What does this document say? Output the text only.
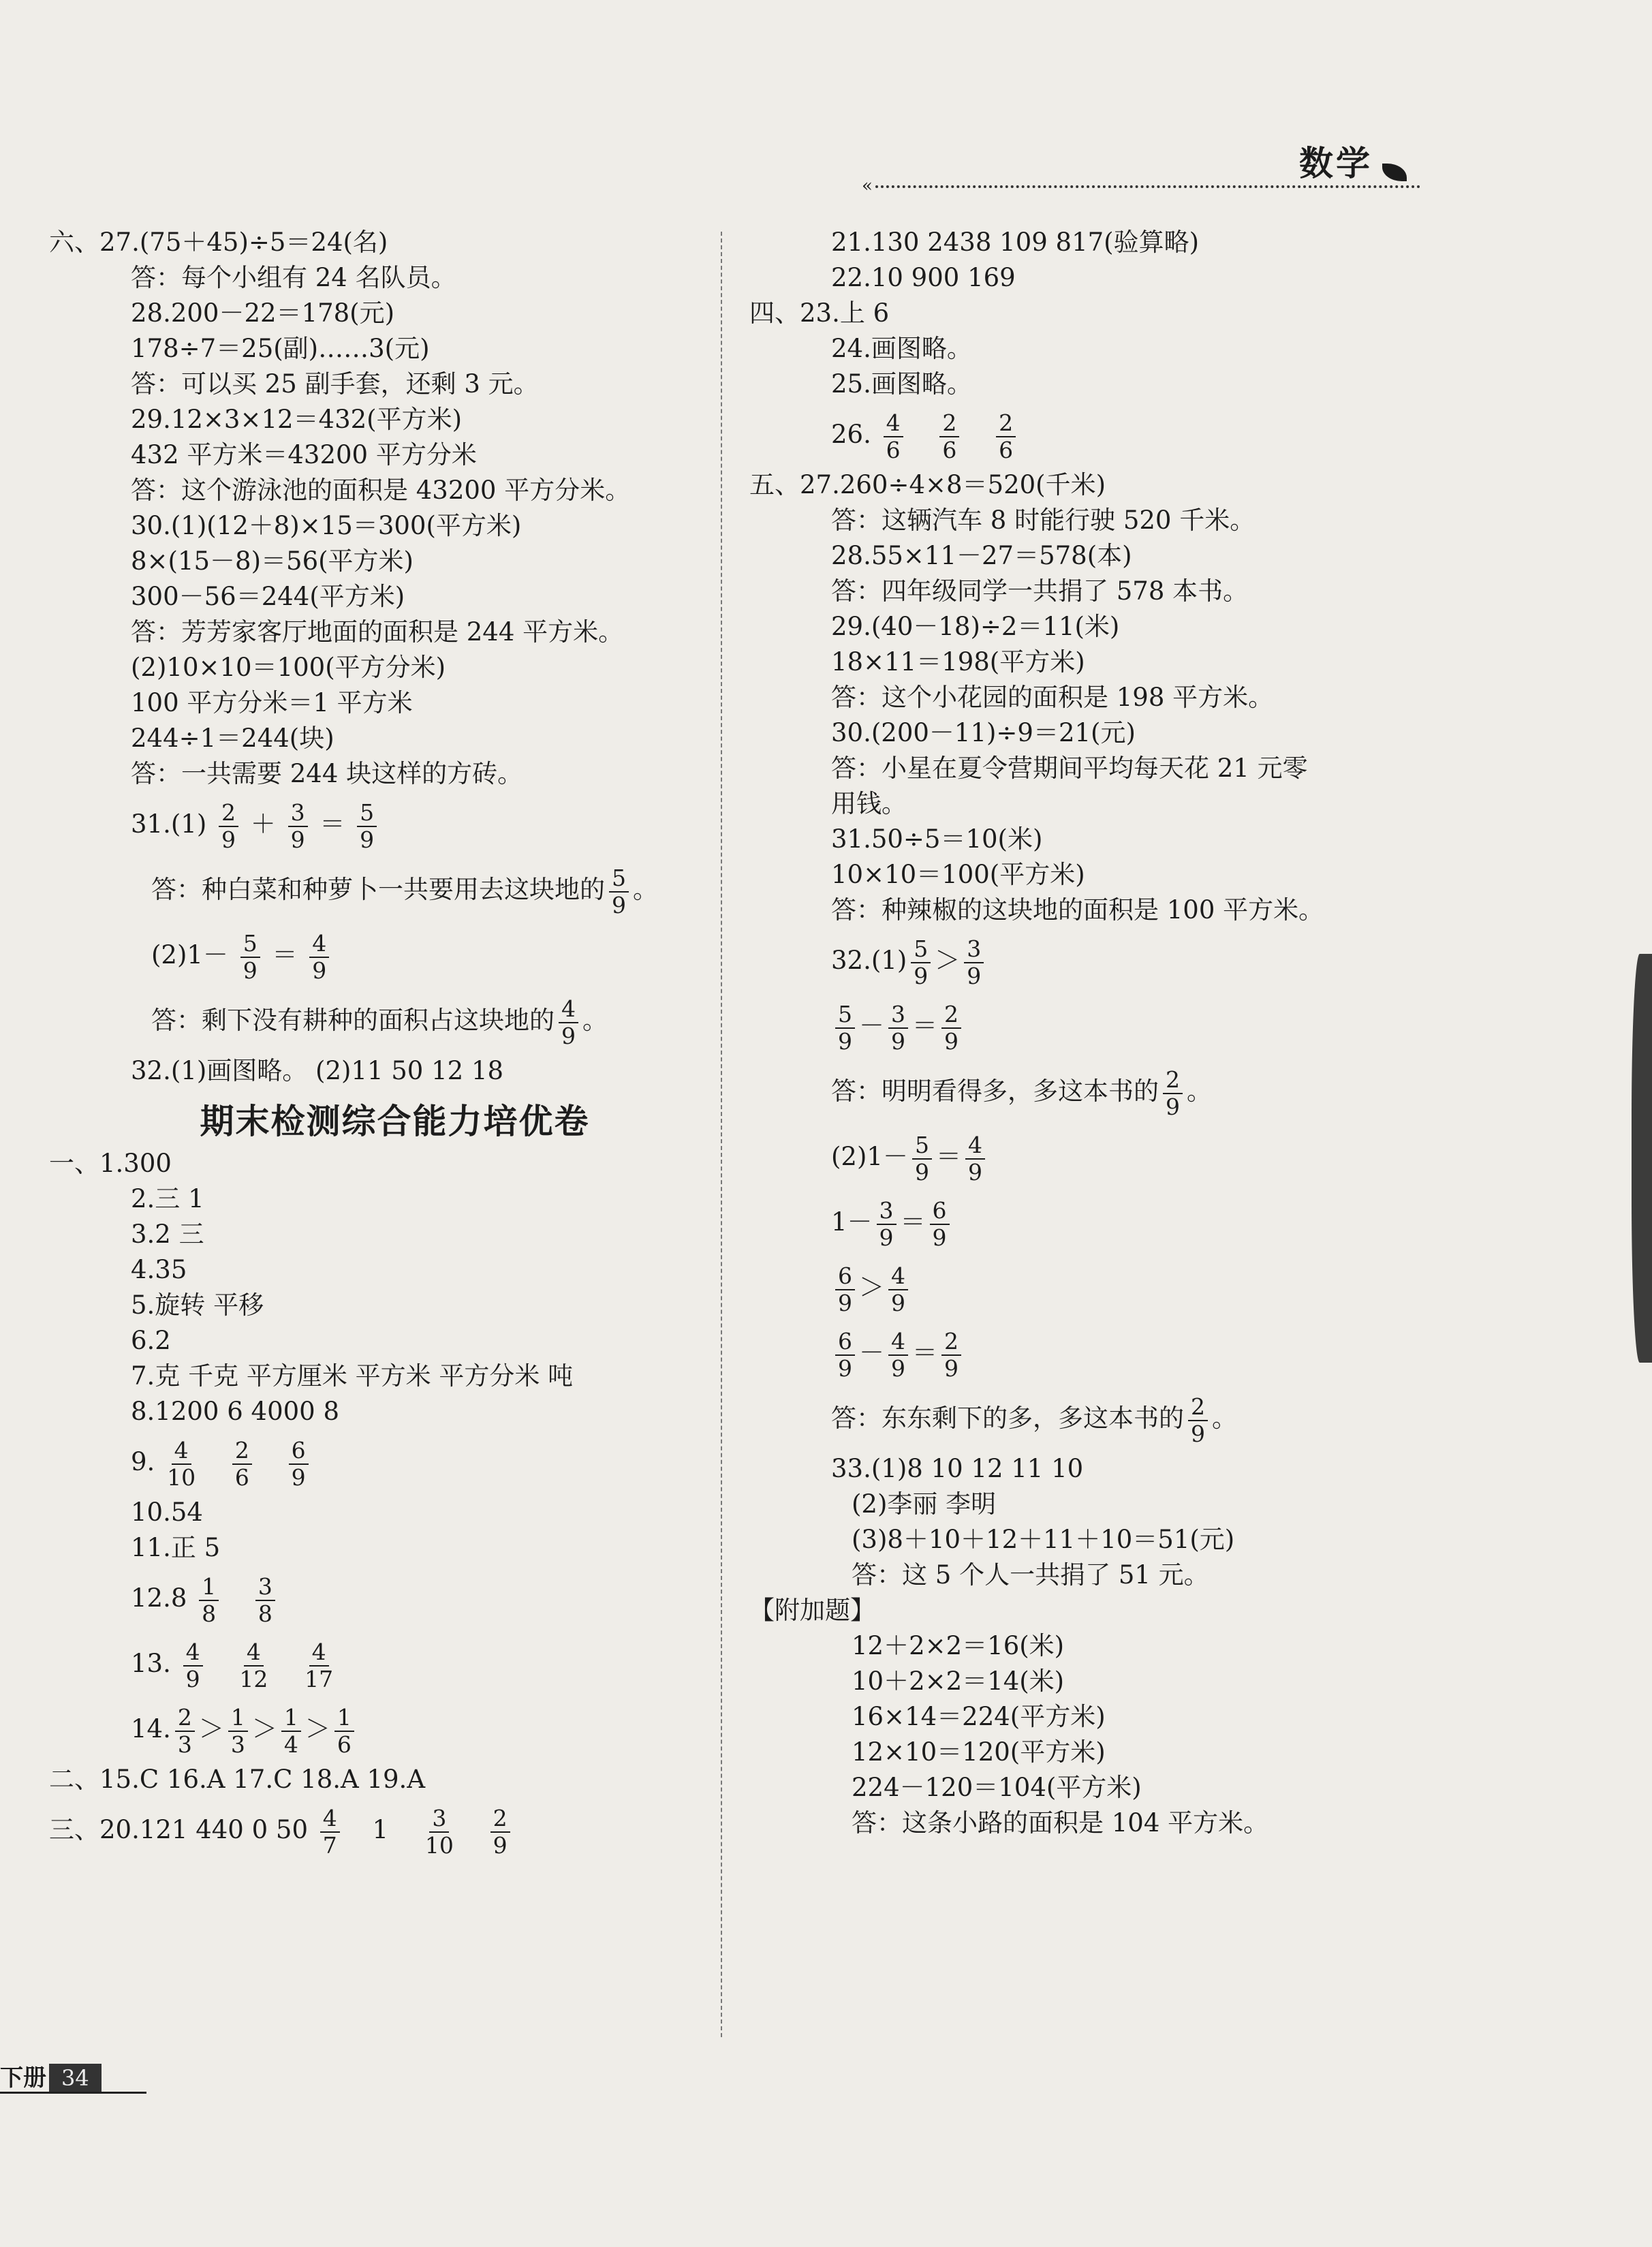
数学
«
六、27.(75＋45)÷5＝24(名)
答：每个小组有 24 名队员。
28.200－22＝178(元)
178÷7＝25(副)……3(元)
答：可以买 25 副手套，还剩 3 元。
29.12×3×12＝432(平方米)
432 平方米＝43200 平方分米
答：这个游泳池的面积是 43200 平方分米。
30.(1)(12＋8)×15＝300(平方米)
8×(15－8)＝56(平方米)
300－56＝244(平方米)
答：芳芳家客厅地面的面积是 244 平方米。
(2)10×10＝100(平方分米)
100 平方分米＝1 平方米
244÷1＝244(块)
答：一共需要 244 块这样的方砖。
$31.(1) \frac{2}{9} + \frac{3}{9} = \frac{5}{9}$
答：种白菜和种萝卜一共要用去这块地的 $\frac{5}{9}$ 。
$(2)1- \frac{5}{9} = \frac{4}{9}$
答：剩下没有耕种的面积占这块地的 $\frac{4}{9}$ 。
32.(1)画图略。 (2)11 50 12 18
期末检测综合能力培优卷
一、1.300
2.三 1
3.2 三
4.35
5.旋转 平移
6.2
7.克 千克 平方厘米 平方米 平方分米 吨
8.1200 6 4000 8
9. $\frac{4}{10}$
$\frac{2}{6}$
$\frac{6}{9}$
10.54
11.正 5
$12.8 \frac{1}{8}$
$\frac{3}{8}$
13. $\frac{4}{9}$
$\frac{4}{12}$
$\frac{4}{17}$
14. $\frac{2}{3} > \frac{1}{3} > \frac{1}{4} > \frac{1}{6}$
二、15.C 16.A 17.C 18.A 19.A
三、20.121 440 0 $50 \frac{4}{7} 1 \frac{3}{10}$
$\frac{2}{9}$
21.130 2438 109 817(验算略)
22.10 900 169
四、23.上 6
24.画图略。
25.画图略。
26. $\frac{4}{6}$
$\frac{2}{6}$
$\frac{2}{6}$
五、27.260÷4×8＝520(千米)
答：这辆汽车 8 时能行驶 520 千米。
28.55×11－27＝578(本)
答：四年级同学一共捐了 578 本书。
29.(40－18)÷2＝11(米)
18×11＝198(平方米)
答：这个小花园的面积是 198 平方米。
30.(200－11)÷9＝21(元)
答：小星在夏令营期间平均每天花 21 元零
用钱。
31.50÷5＝10(米)
10×10＝100(平方米)
答：种辣椒的这块地的面积是 100 平方米。
$32.(1) \frac{5}{9} > \frac{3}{9}$
$\frac{5}{9} - \frac{3}{9} = \frac{2}{9}$
答：明明看得多，多这本书的 $\frac{2}{9}$ 。
$(2)1- \frac{5}{9} = \frac{4}{9}$
$1- \frac{3}{9} = \frac{6}{9}$
$\frac{6}{9} > \frac{4}{9}$
$\frac{6}{9} - \frac{4}{9} = \frac{2}{9}$
答：东东剩下的多，多这本书的 $\frac{2}{9}$ 。
33.(1)8 10 12 11 10
(2)李丽 李明
(3)8＋10＋12＋11＋10＝51(元)
答：这 5 个人一共捐了 51 元。
【附加题】
12＋2×2＝16(米)
10＋2×2＝14(米)
16×14＝224(平方米)
12×10＝120(平方米)
224－120＝104(平方米)
答：这条小路的面积是 104 平方米。
下册 34
